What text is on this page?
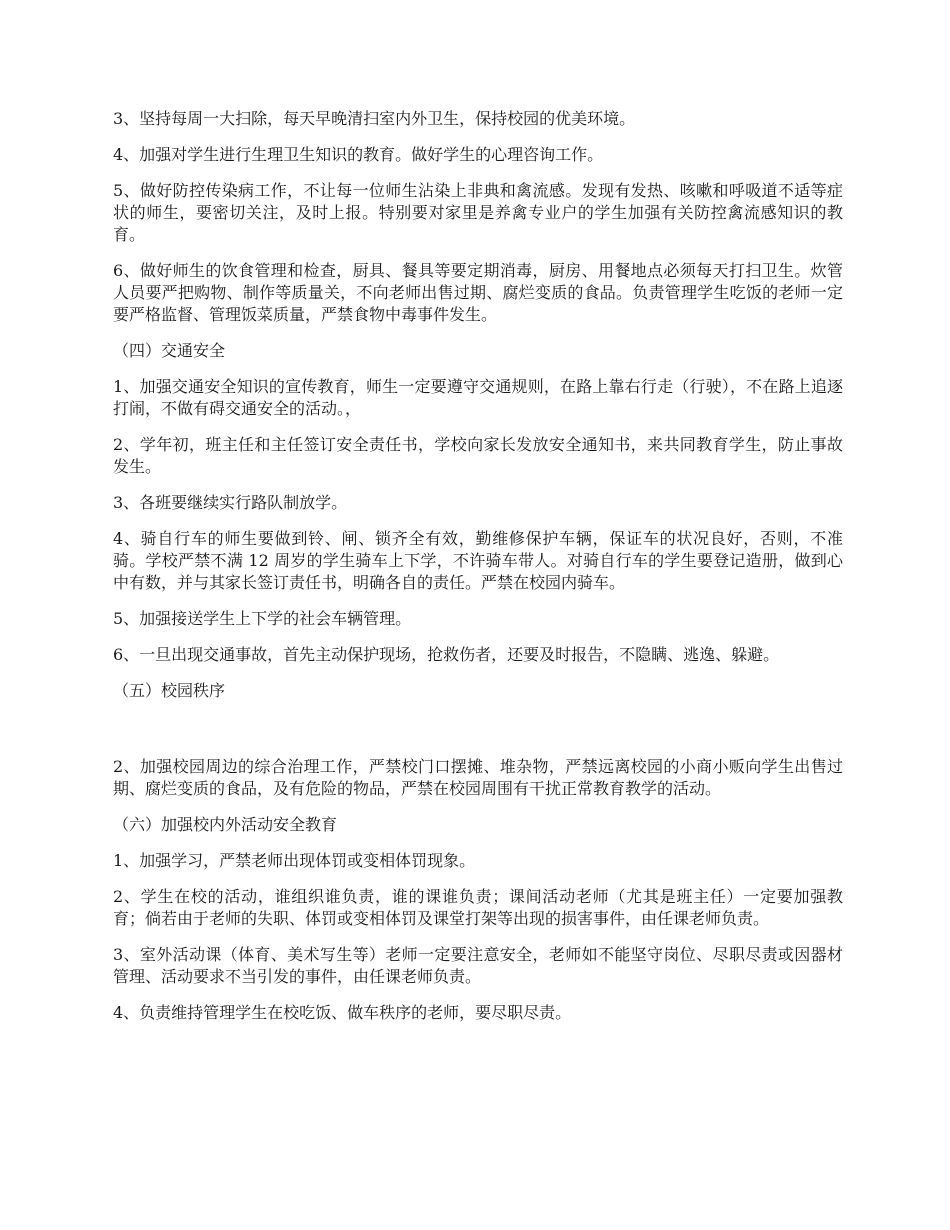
3、坚持每周一大扫除，每天早晚清扫室内外卫生，保持校园的优美环境。

4、加强对学生进行生理卫生知识的教育。做好学生的心理咨询工作。

5、做好防控传染病工作，不让每一位师生沾染上非典和禽流感。发现有发热、咳嗽和呼吸道不适等症状的师生，要密切关注，及时上报。特别要对家里是养禽专业户的学生加强有关防控禽流感知识的教育。

6、做好师生的饮食管理和检查，厨具、餐具等要定期消毒，厨房、用餐地点必须每天打扫卫生。炊管人员要严把购物、制作等质量关，不向老师出售过期、腐烂变质的食品。负责管理学生吃饭的老师一定要严格监督、管理饭菜质量，严禁食物中毒事件发生。

（四）交通安全

1、加强交通安全知识的宣传教育，师生一定要遵守交通规则，在路上靠右行走（行驶），不在路上追逐打闹，不做有碍交通安全的活动。，

2、学年初，班主任和主任签订安全责任书，学校向家长发放安全通知书，来共同教育学生，防止事故发生。

3、各班要继续实行路队制放学。

4、骑自行车的师生要做到铃、闸、锁齐全有效，勤维修保护车辆，保证车的状况良好，否则，不准骑。学校严禁不满 12 周岁的学生骑车上下学，不许骑车带人。对骑自行车的学生要登记造册，做到心中有数，并与其家长签订责任书，明确各自的责任。严禁在校园内骑车。

5、加强接送学生上下学的社会车辆管理。

6、一旦出现交通事故，首先主动保护现场，抢救伤者，还要及时报告，不隐瞒、逃逸、躲避。

（五）校园秩序

2、加强校园周边的综合治理工作，严禁校门口摆摊、堆杂物，严禁远离校园的小商小贩向学生出售过期、腐烂变质的食品，及有危险的物品，严禁在校园周围有干扰正常教育教学的活动。

（六）加强校内外活动安全教育

1、加强学习，严禁老师出现体罚或变相体罚现象。

2、学生在校的活动，谁组织谁负责，谁的课谁负责；课间活动老师（尤其是班主任）一定要加强教育；倘若由于老师的失职、体罚或变相体罚及课堂打架等出现的损害事件，由任课老师负责。

3、室外活动课（体育、美术写生等）老师一定要注意安全，老师如不能坚守岗位、尽职尽责或因器材管理、活动要求不当引发的事件，由任课老师负责。

4、负责维持管理学生在校吃饭、做车秩序的老师，要尽职尽责。
